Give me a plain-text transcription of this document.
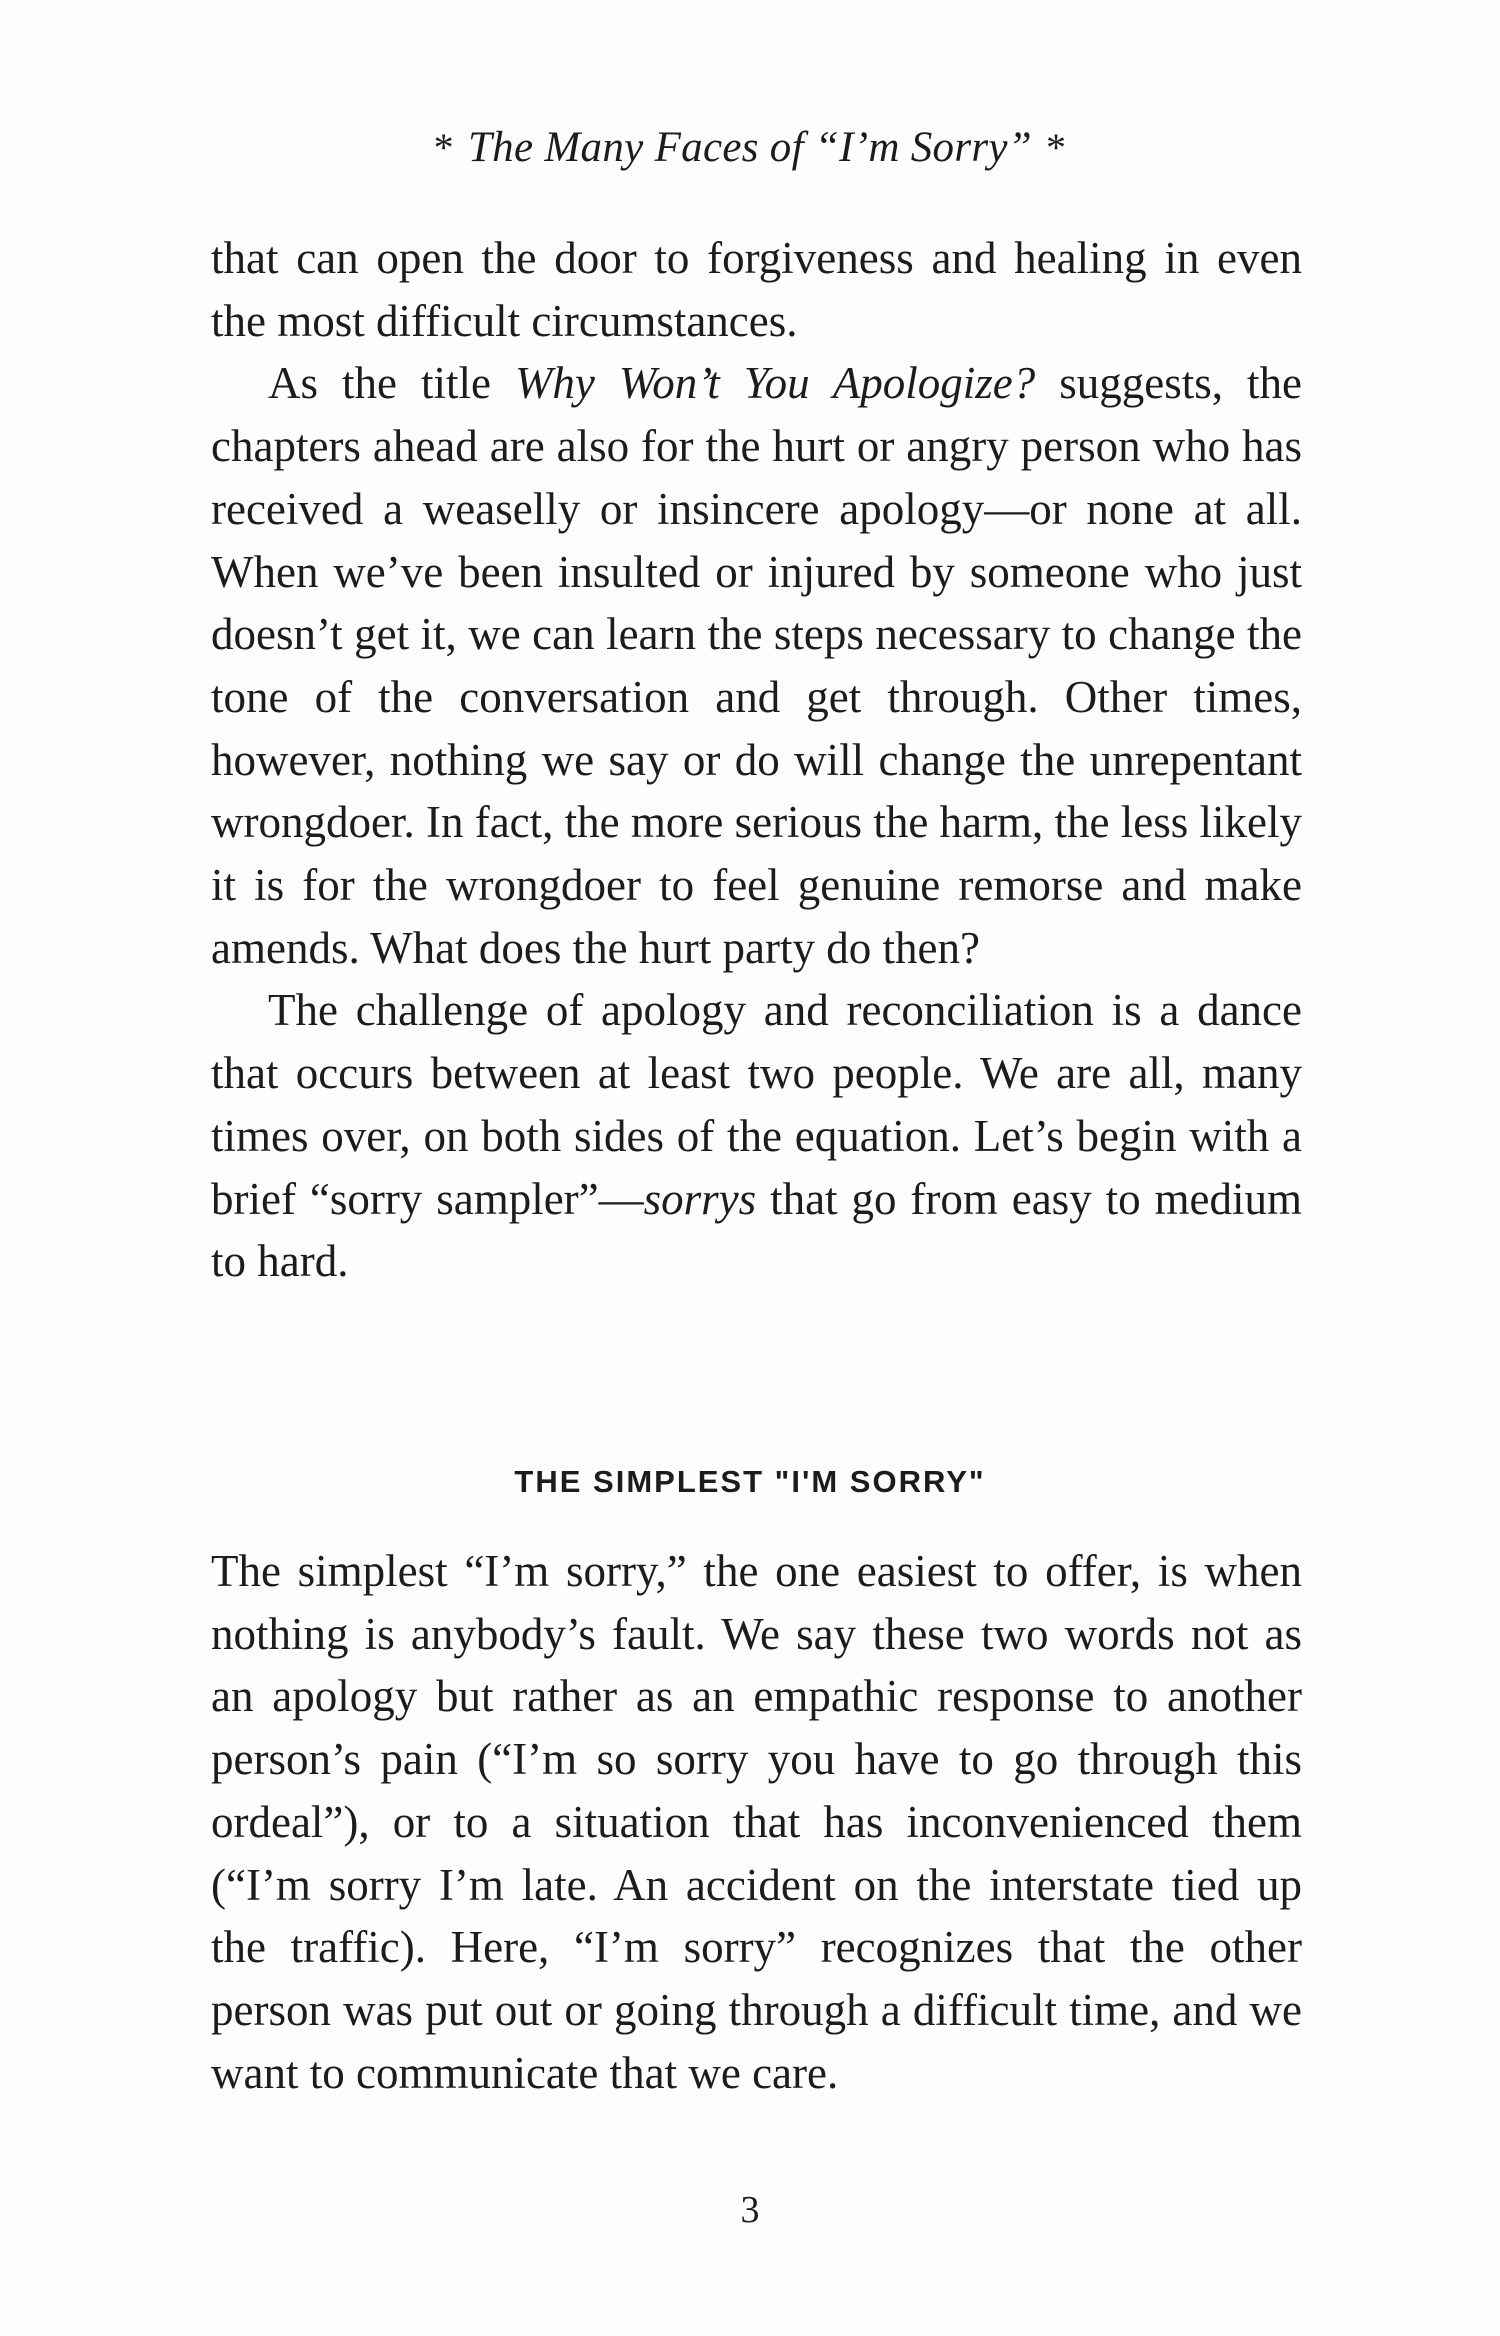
* The Many Faces of “I’m Sorry” *

that can open the door to forgiveness and healing in even the most difficult circumstances.

As the title Why Won’t You Apologize? suggests, the chapters ahead are also for the hurt or angry person who has received a weaselly or insincere apology—or none at all. When we’ve been insulted or injured by someone who just doesn’t get it, we can learn the steps necessary to change the tone of the conversation and get through. Other times, however, nothing we say or do will change the unrepentant wrongdoer. In fact, the more serious the harm, the less likely it is for the wrongdoer to feel genuine remorse and make amends. What does the hurt party do then?

The challenge of apology and reconciliation is a dance that occurs between at least two people. We are all, many times over, on both sides of the equation. Let’s begin with a brief “sorry sampler”—sorrys that go from easy to medium to hard.

THE SIMPLEST "I'M SORRY"

The simplest “I’m sorry,” the one easiest to offer, is when nothing is anybody’s fault. We say these two words not as an apology but rather as an empathic response to another person’s pain (“I’m so sorry you have to go through this ordeal”), or to a situation that has inconvenienced them (“I’m sorry I’m late. An accident on the interstate tied up the traffic). Here, “I’m sorry” recognizes that the other person was put out or going through a difficult time, and we want to communicate that we care.

3
